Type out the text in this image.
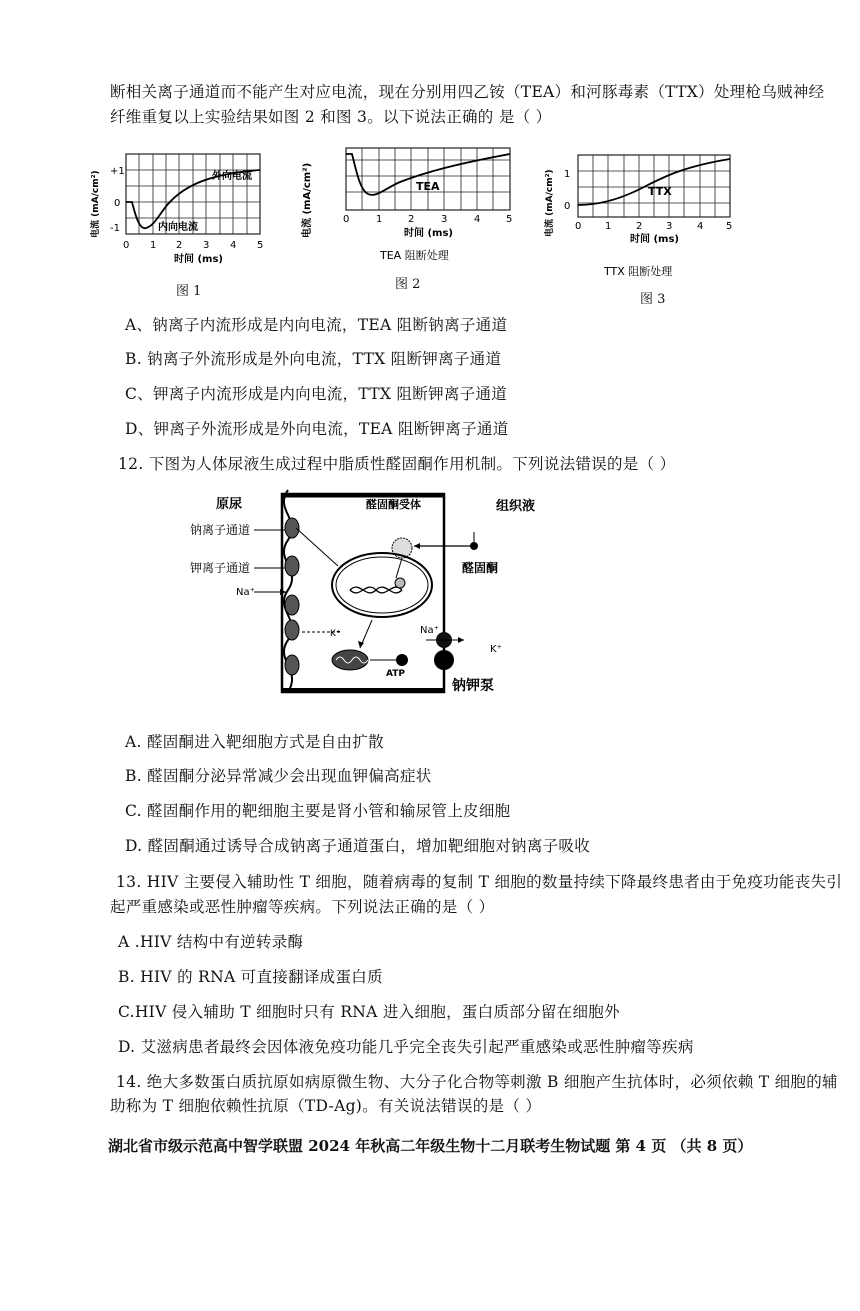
断相关离子通道而不能产生对应电流，现在分别用四乙铵（TEA）和河豚毒素（TTX）处理枪乌贼神经
纤维重复以上实验结果如图 2 和图 3。以下说法正确的 是（ ）
+1
0
-1
外向电流
内向电流
电流 (mA/cm²)
0 1 2 3 4 5
时间 (ms)
图 1
TEA
电流 (mA/cm²)	0	1	2	3	4	5
时间 (ms)
TEA 阻断处理
图 2
TTX
1
0
电流 (mA/cm²) 0 1 2 3 4 5
时间 (ms)
TTX 阻断处理
图 3
A、钠离子内流形成是内向电流，TEA 阻断钠离子通道
B. 钠离子外流形成是外向电流，TTX 阻断钾离子通道
C、钾离子内流形成是内向电流，TTX 阻断钾离子通道
D、钾离子外流形成是外向电流，TEA 阻断钾离子通道
12. 下图为人体尿液生成过程中脂质性醛固酮作用机制。下列说法错误的是（ ）
原尿
钠离子通道
钾离子通道
Na⁺
组织液
醛固酮受体
醛固酮
ATP
Na⁺
K⁺
K⁺
钠钾泵
A. 醛固酮进入靶细胞方式是自由扩散
B. 醛固酮分泌异常减少会出现血钾偏高症状
C. 醛固酮作用的靶细胞主要是肾小管和输尿管上皮细胞
D. 醛固酮通过诱导合成钠离子通道蛋白，增加靶细胞对钠离子吸收
13. HIV 主要侵入辅助性 T 细胞，随着病毒的复制 T 细胞的数量持续下降最终患者由于免疫功能丧失引
起严重感染或恶性肿瘤等疾病。下列说法正确的是（ ）
A .HIV 结构中有逆转录酶
B. HIV 的 RNA 可直接翻译成蛋白质
C.HIV 侵入辅助 T 细胞时只有 RNA 进入细胞，蛋白质部分留在细胞外
D. 艾滋病患者最终会因体液免疫功能几乎完全丧失引起严重感染或恶性肿瘤等疾病
14. 绝大多数蛋白质抗原如病原微生物、大分子化合物等刺激 B 细胞产生抗体时，必须依赖 T 细胞的辅
助称为 T 细胞依赖性抗原（TD-Ag)。有关说法错误的是（ ）
湖北省市级示范高中智学联盟 2024 年秋高二年级生物十二月联考生物试题 第 4 页 （共 8 页）
